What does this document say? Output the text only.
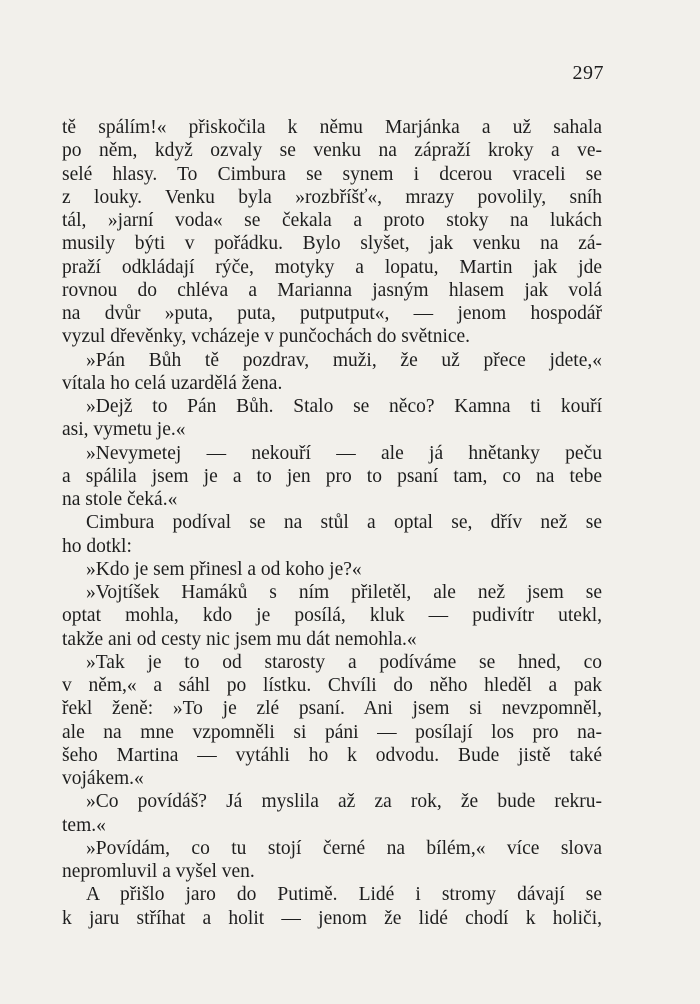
297
tě spálím!« přiskočila k němu Marjánka a už sahala
po něm, když ozvaly se venku na zápraží kroky a ve-
selé hlasy. To Cimbura se synem i dcerou vraceli se
z louky. Venku byla »rozbříšť«, mrazy povolily, sníh
tál, »jarní voda« se čekala a proto stoky na lukách
musily býti v pořádku. Bylo slyšet, jak venku na zá-
praží odkládají rýče, motyky a lopatu, Martin jak jde
rovnou do chléva a Marianna jasným hlasem jak volá
na dvůr »puta, puta, putputput«, — jenom hospodář
vyzul dřevěnky, vcházeje v punčochách do světnice.
»Pán Bůh tě pozdrav, muži, že už přece jdete,«
vítala ho celá uzardělá žena.
»Dejž to Pán Bůh. Stalo se něco? Kamna ti kouří
asi, vymetu je.«
»Nevymetej — nekouří — ale já hnětanky peču
a spálila jsem je a to jen pro to psaní tam, co na tebe
na stole čeká.«
Cimbura podíval se na stůl a optal se, dřív než se
ho dotkl:
»Kdo je sem přinesl a od koho je?«
»Vojtíšek Hamáků s ním přiletěl, ale než jsem se
optat mohla, kdo je posílá, kluk — pudivítr utekl,
takže ani od cesty nic jsem mu dát nemohla.«
»Tak je to od starosty a podíváme se hned, co
v něm,« a sáhl po lístku. Chvíli do něho hleděl a pak
řekl ženě: »To je zlé psaní. Ani jsem si nevzpomněl,
ale na mne vzpomněli si páni — posílají los pro na-
šeho Martina — vytáhli ho k odvodu. Bude jistě také
vojákem.«
»Co povídáš? Já myslila až za rok, že bude rekru-
tem.«
»Povídám, co tu stojí černé na bílém,« více slova
nepromluvil a vyšel ven.
A přišlo jaro do Putimě. Lidé i stromy dávají se
k jaru stříhat a holit — jenom že lidé chodí k holiči,
